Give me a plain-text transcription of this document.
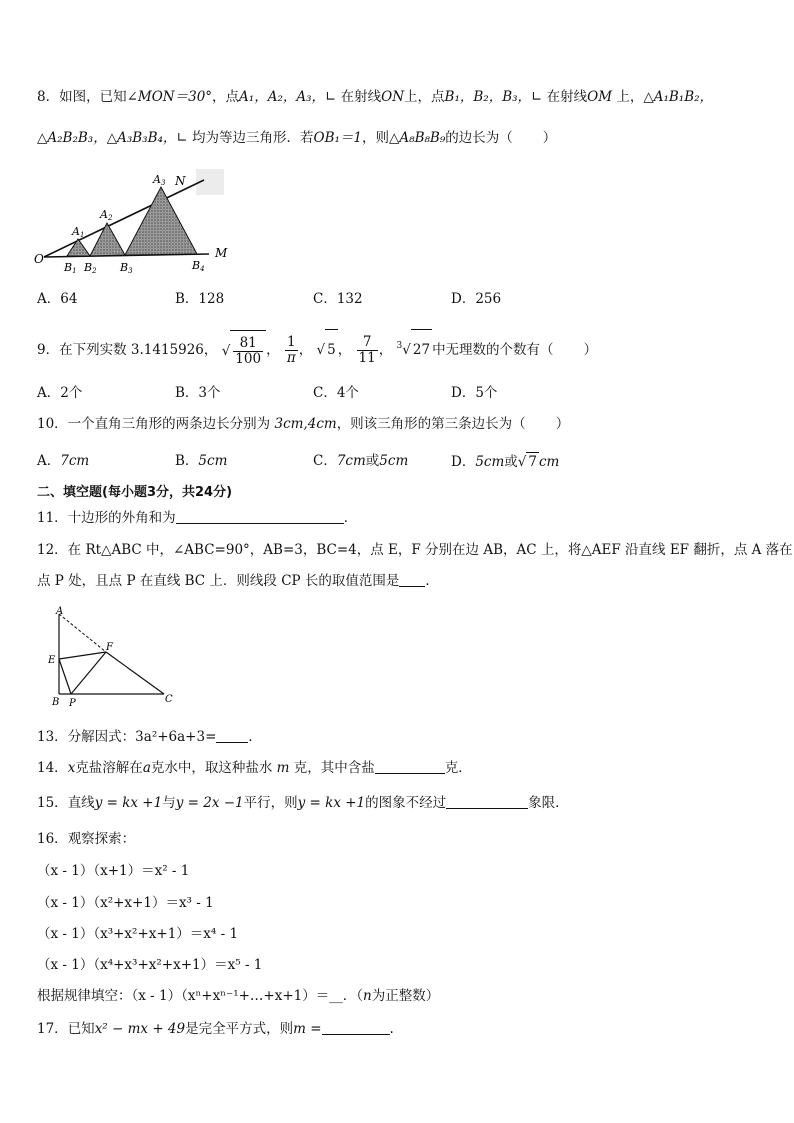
8．如图，已知∠MON＝30°，点A₁，A₂，A₃，∟ 在射线ON上，点B₁，B₂，B₃，∟ 在射线OM 上，△A₁B₁B₂，
△A₂B₂B₃，△A₃B₃B₄，∟ 均为等边三角形．若OB₁＝1，则△A₈B₈B₉的边长为（ ）
O
N
M
A1
A2
A3
B1 B2 B3	B4
A．64	B．128	C．132	D．256
9．在下列实数 3.1415926， √ $\frac{81}{100}$ ， $\frac{1}{\pi}$ ， √ 5 ， $\frac{7}{11}$ ， $^3$√ 27 中无理数的个数有（ ）
A．2个	B．3个	C．4个	D．5个
10．一个直角三角形的两条边长分别为 3cm,4cm，则该三角形的第三条边长为（ ）
A．7cm	B．5cm	C．7cm或5cm	D．5cm或√ 7 cm
二、填空题(每小题3分，共24分)
11．十边形的外角和为	．
12．在 Rt△ABC 中，∠ABC=90°，AB=3，BC=4，点 E，F 分别在边 AB，AC 上，将△AEF 沿直线 EF 翻折，点 A 落在
点 P 处，且点 P 在直线 BC 上．则线段 CP 长的取值范围是 ．
A
E
F
B P	C
13．分解因式：3a²+6a+3= ．
14．x克盐溶解在a克水中，取这种盐水 m 克，其中含盐	克．
15．直线y = kx +1与y = 2x −1平行，则y = kx +1的图象不经过	象限．
16．观察探索：
（x - 1）（x+1）＝x² - 1
（x - 1）（x²+x+1）＝x³ - 1
（x - 1）（x³+x²+x+1）＝x⁴ - 1
（x - 1）（x⁴+x³+x²+x+1）＝x⁵ - 1
根据规律填空：（x - 1）（xⁿ+xⁿ⁻¹+…+x+1）＝__．（n为正整数）
17．已知x² − mx + 49是完全平方式，则m =	.
